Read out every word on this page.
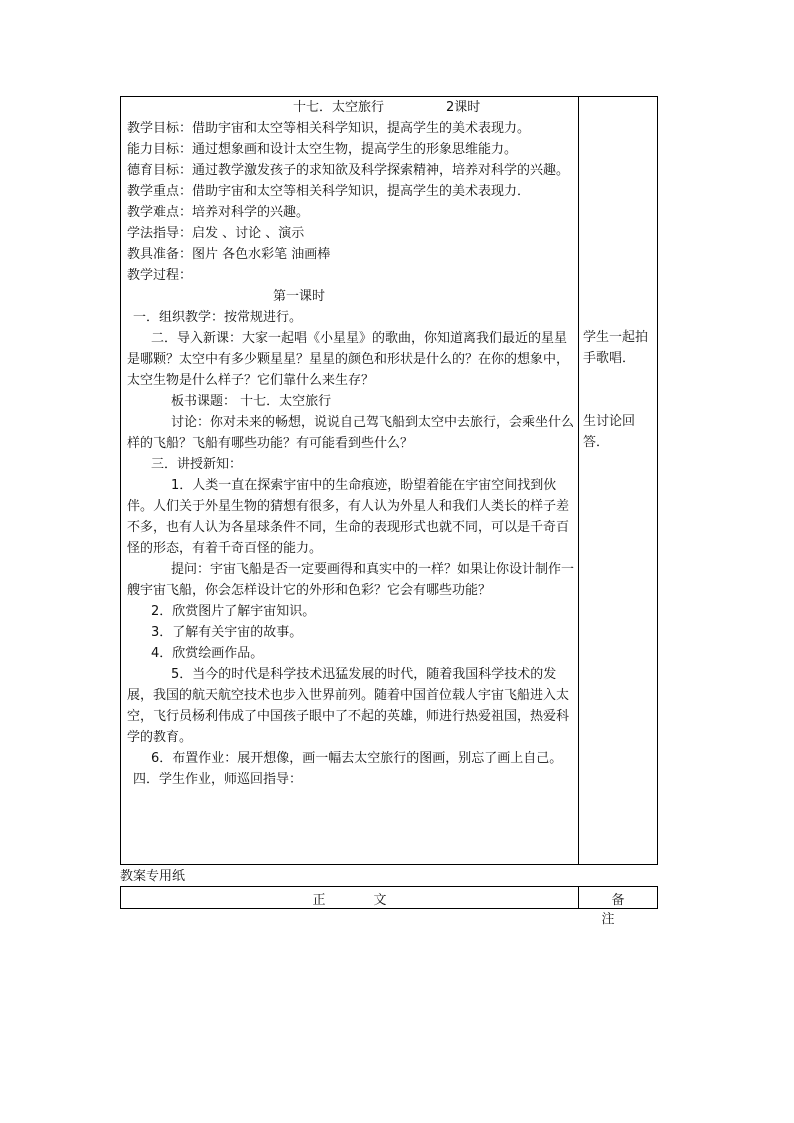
十七．太空旅行	2课时
教学目标：借助宇宙和太空等相关科学知识，提高学生的美术表现力。
能力目标：通过想象画和设计太空生物，提高学生的形象思维能力。
德育目标：通过教学激发孩子的求知欲及科学探索精神，培养对科学的兴趣。
教学重点：借助宇宙和太空等相关科学知识，提高学生的美术表现力．
教学难点：培养对科学的兴趣。
学法指导：启发 、讨论 、演示
教具准备：图片 各色水彩笔 油画棒
教学过程：
第一课时
一．组织教学：按常规进行。
二．导入新课：大家一起唱《小星星》的歌曲，你知道离我们最近的星星是哪颗？太空中有多少颗星星？星星的颜色和形状是什么的？在你的想象中，太空生物是什么样子？它们靠什么来生存？
板书课题： 十七．太空旅行
讨论：你对未来的畅想，说说自己驾飞船到太空中去旅行，会乘坐什么样的飞船？飞船有哪些功能？有可能看到些什么？
三．讲授新知：
1．人类一直在探索宇宙中的生命痕迹，盼望着能在宇宙空间找到伙伴。人们关于外星生物的猜想有很多，有人认为外星人和我们人类长的样子差不多，也有人认为各星球条件不同，生命的表现形式也就不同，可以是千奇百怪的形态，有着千奇百怪的能力。
提问：宇宙飞船是否一定要画得和真实中的一样？如果让你设计制作一艘宇宙飞船，你会怎样设计它的外形和色彩？它会有哪些功能？
2．欣赏图片了解宇宙知识。
3．了解有关宇宙的故事。
4．欣赏绘画作品。
5．当今的时代是科学技术迅猛发展的时代，随着我国科学技术的发展，我国的航天航空技术也步入世界前列。随着中国首位载人宇宙飞船进入太空，飞行员杨利伟成了中国孩子眼中了不起的英雄，师进行热爱祖国，热爱科学的教育。
6．布置作业：展开想像，画一幅去太空旅行的图画，别忘了画上自己。
四．学生作业，师巡回指导：
学生一起拍手歌唱．
生讨论回答．
教案专用纸
正文	备注
